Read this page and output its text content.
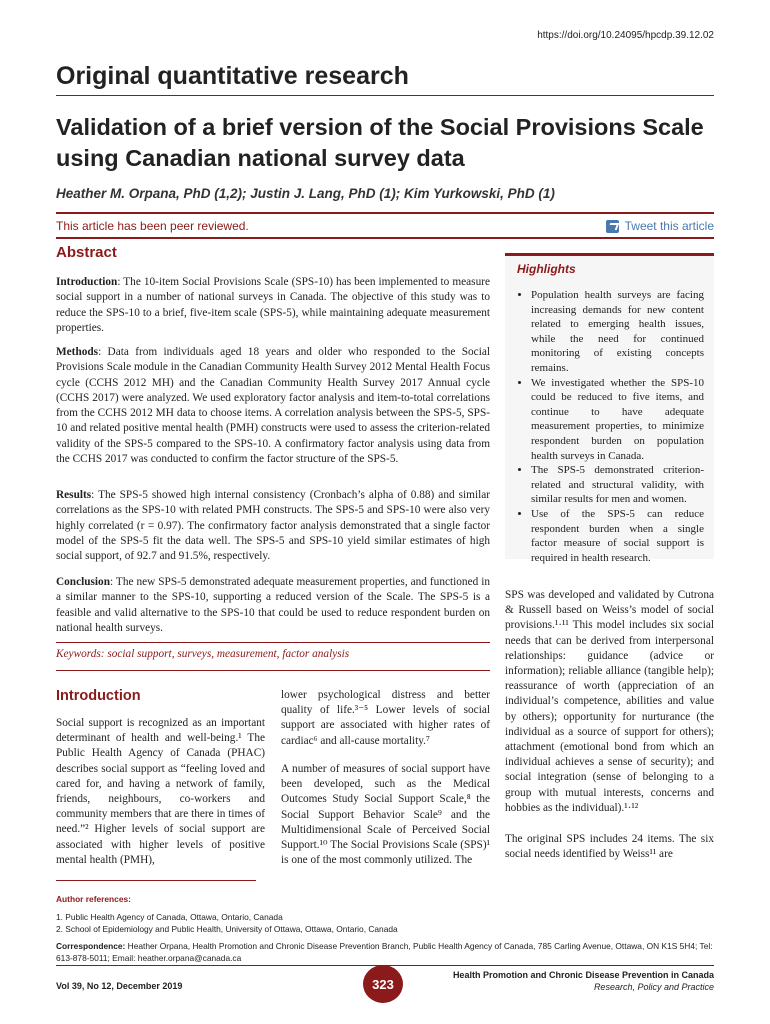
https://doi.org/10.24095/hpcdp.39.12.02
Original quantitative research
Validation of a brief version of the Social Provisions Scale using Canadian national survey data
Heather M. Orpana, PhD (1,2); Justin J. Lang, PhD (1); Kim Yurkowski, PhD (1)
This article has been peer reviewed.	Tweet this article
Abstract

Introduction: The 10-item Social Provisions Scale (SPS-10) has been implemented to measure social support in a number of national surveys in Canada. The objective of this study was to reduce the SPS-10 to a brief, five-item scale (SPS-5), while maintaining adequate measurement properties.

Methods: Data from individuals aged 18 years and older who responded to the Social Provisions Scale module in the Canadian Community Health Survey 2012 Mental Health Focus cycle (CCHS 2012 MH) and the Canadian Community Health Survey 2017 Annual cycle (CCHS 2017) were analyzed. We used exploratory factor analysis and item-to-total correlations from the CCHS 2012 MH data to choose items. A correlation analysis between the SPS-5, SPS-10 and related positive mental health (PMH) constructs were used to assess the criterion-related validity of the SPS-5 compared to the SPS-10. A confirmatory factor analysis using data from the CCHS 2017 was conducted to confirm the factor structure of the SPS-5.

Results: The SPS-5 showed high internal consistency (Cronbach’s alpha of 0.88) and similar correlations as the SPS-10 with related PMH constructs. The SPS-5 and SPS-10 were also very highly correlated (r = 0.97). The confirmatory factor analysis demonstrated that a single factor model of the SPS-5 fit the data well. The SPS-5 and SPS-10 yield similar estimates of high social support, of 92.7 and 91.5%, respectively.

Conclusion: The new SPS-5 demonstrated adequate measurement properties, and functioned in a similar manner to the SPS-10, supporting a reduced version of the Scale. The SPS-5 is a feasible and valid alternative to the SPS-10 that could be used to reduce respondent burden on national health surveys.

Keywords: social support, surveys, measurement, factor analysis
Highlights
• Population health surveys are facing increasing demands for new content related to emerging health issues, while the need for continued monitoring of existing concepts remains.
• We investigated whether the SPS-10 could be reduced to five items, and continue to have adequate measurement properties, to minimize respondent burden on population health surveys in Canada.
• The SPS-5 demonstrated criterion-related and structural validity, with similar results for men and women.
• Use of the SPS-5 can reduce respondent burden when a single factor measure of social support is required in health research.
Introduction

Social support is recognized as an important determinant of health and well-being.¹ The Public Health Agency of Canada (PHAC) describes social support as “feeling loved and cared for, and having a network of family, friends, neighbours, co-workers and community members that are there in times of need.”² Higher levels of social support are associated with higher levels of positive mental health (PMH),

lower psychological distress and better quality of life.³⁻⁵ Lower levels of social support are associated with higher rates of cardiac⁶ and all-cause mortality.⁷

A number of measures of social support have been developed, such as the Medical Outcomes Study Social Support Scale,⁸ the Social Support Behavior Scale⁹ and the Multidimensional Scale of Perceived Social Support.¹⁰ The Social Provisions Scale (SPS)¹ is one of the most commonly utilized. The

SPS was developed and validated by Cutrona & Russell based on Weiss’s model of social provisions.¹·¹¹ This model includes six social needs that can be derived from interpersonal relationships: guidance (advice or information); reliable alliance (tangible help); reassurance of worth (appreciation of an individual’s competence, abilities and value by others); opportunity for nurturance (the individual as a source of support for others); attachment (emotional bond from which an individual achieves a sense of security); and social integration (sense of belonging to a group with mutual interests, concerns and hobbies as the individual).¹·¹²

The original SPS includes 24 items. The six social needs identified by Weiss¹¹ are

Author references:
1. Public Health Agency of Canada, Ottawa, Ontario, Canada
2. School of Epidemiology and Public Health, University of Ottawa, Ottawa, Ontario, Canada
Correspondence: Heather Orpana, Health Promotion and Chronic Disease Prevention Branch, Public Health Agency of Canada, 785 Carling Avenue, Ottawa, ON K1S 5H4; Tel: 613-878-5011; Email: heather.orpana@canada.ca
Vol 39, No 12, December 2019	323
Health Promotion and Chronic Disease Prevention in Canada
Research, Policy and Practice
